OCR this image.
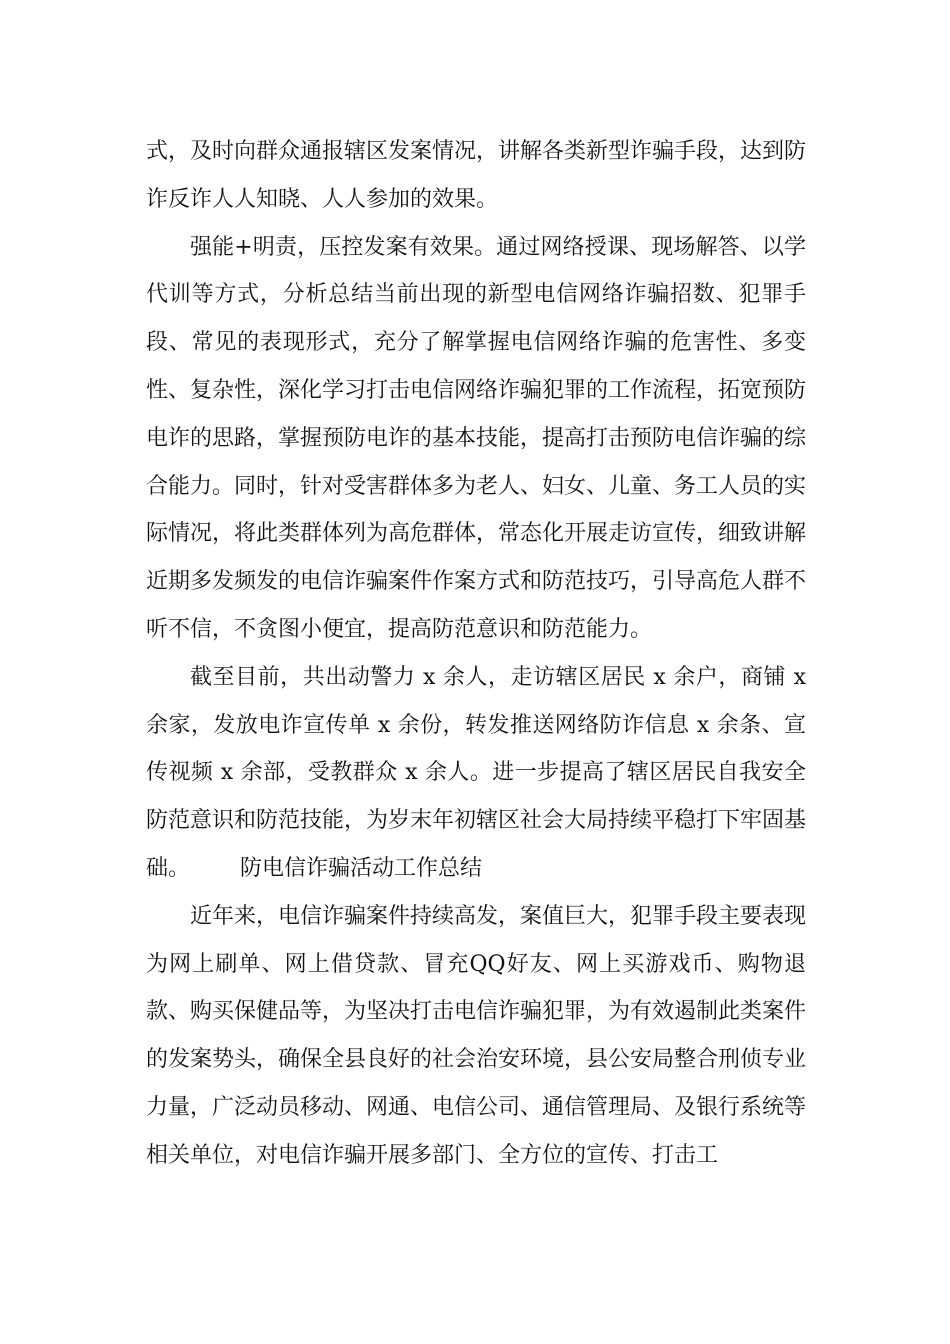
式，及时向群众通报辖区发案情况，讲解各类新型诈骗手段，达到防诈反诈人人知晓、人人参加的效果。

强能+明责，压控发案有效果。通过网络授课、现场解答、以学代训等方式，分析总结当前出现的新型电信网络诈骗招数、犯罪手段、常见的表现形式，充分了解掌握电信网络诈骗的危害性、多变性、复杂性，深化学习打击电信网络诈骗犯罪的工作流程，拓宽预防电诈的思路，掌握预防电诈的基本技能，提高打击预防电信诈骗的综合能力。同时，针对受害群体多为老人、妇女、儿童、务工人员的实际情况，将此类群体列为高危群体，常态化开展走访宣传，细致讲解近期多发频发的电信诈骗案件作案方式和防范技巧，引导高危人群不听不信，不贪图小便宜，提高防范意识和防范能力。

截至目前，共出动警力 x 余人，走访辖区居民 x 余户，商铺 x 余家，发放电诈宣传单 x 余份，转发推送网络防诈信息 x 余条、宣传视频 x 余部，受教群众 x 余人。进一步提高了辖区居民自我安全防范意识和防范技能，为岁末年初辖区社会大局持续平稳打下牢固基础。 防电信诈骗活动工作总结

近年来，电信诈骗案件持续高发，案值巨大，犯罪手段主要表现为网上刷单、网上借贷款、冒充QQ好友、网上买游戏币、购物退款、购买保健品等，为坚决打击电信诈骗犯罪，为有效遏制此类案件的发案势头，确保全县良好的社会治安环境，县公安局整合刑侦专业力量，广泛动员移动、网通、电信公司、通信管理局、及银行系统等相关单位，对电信诈骗开展多部门、全方位的宣传、打击工
